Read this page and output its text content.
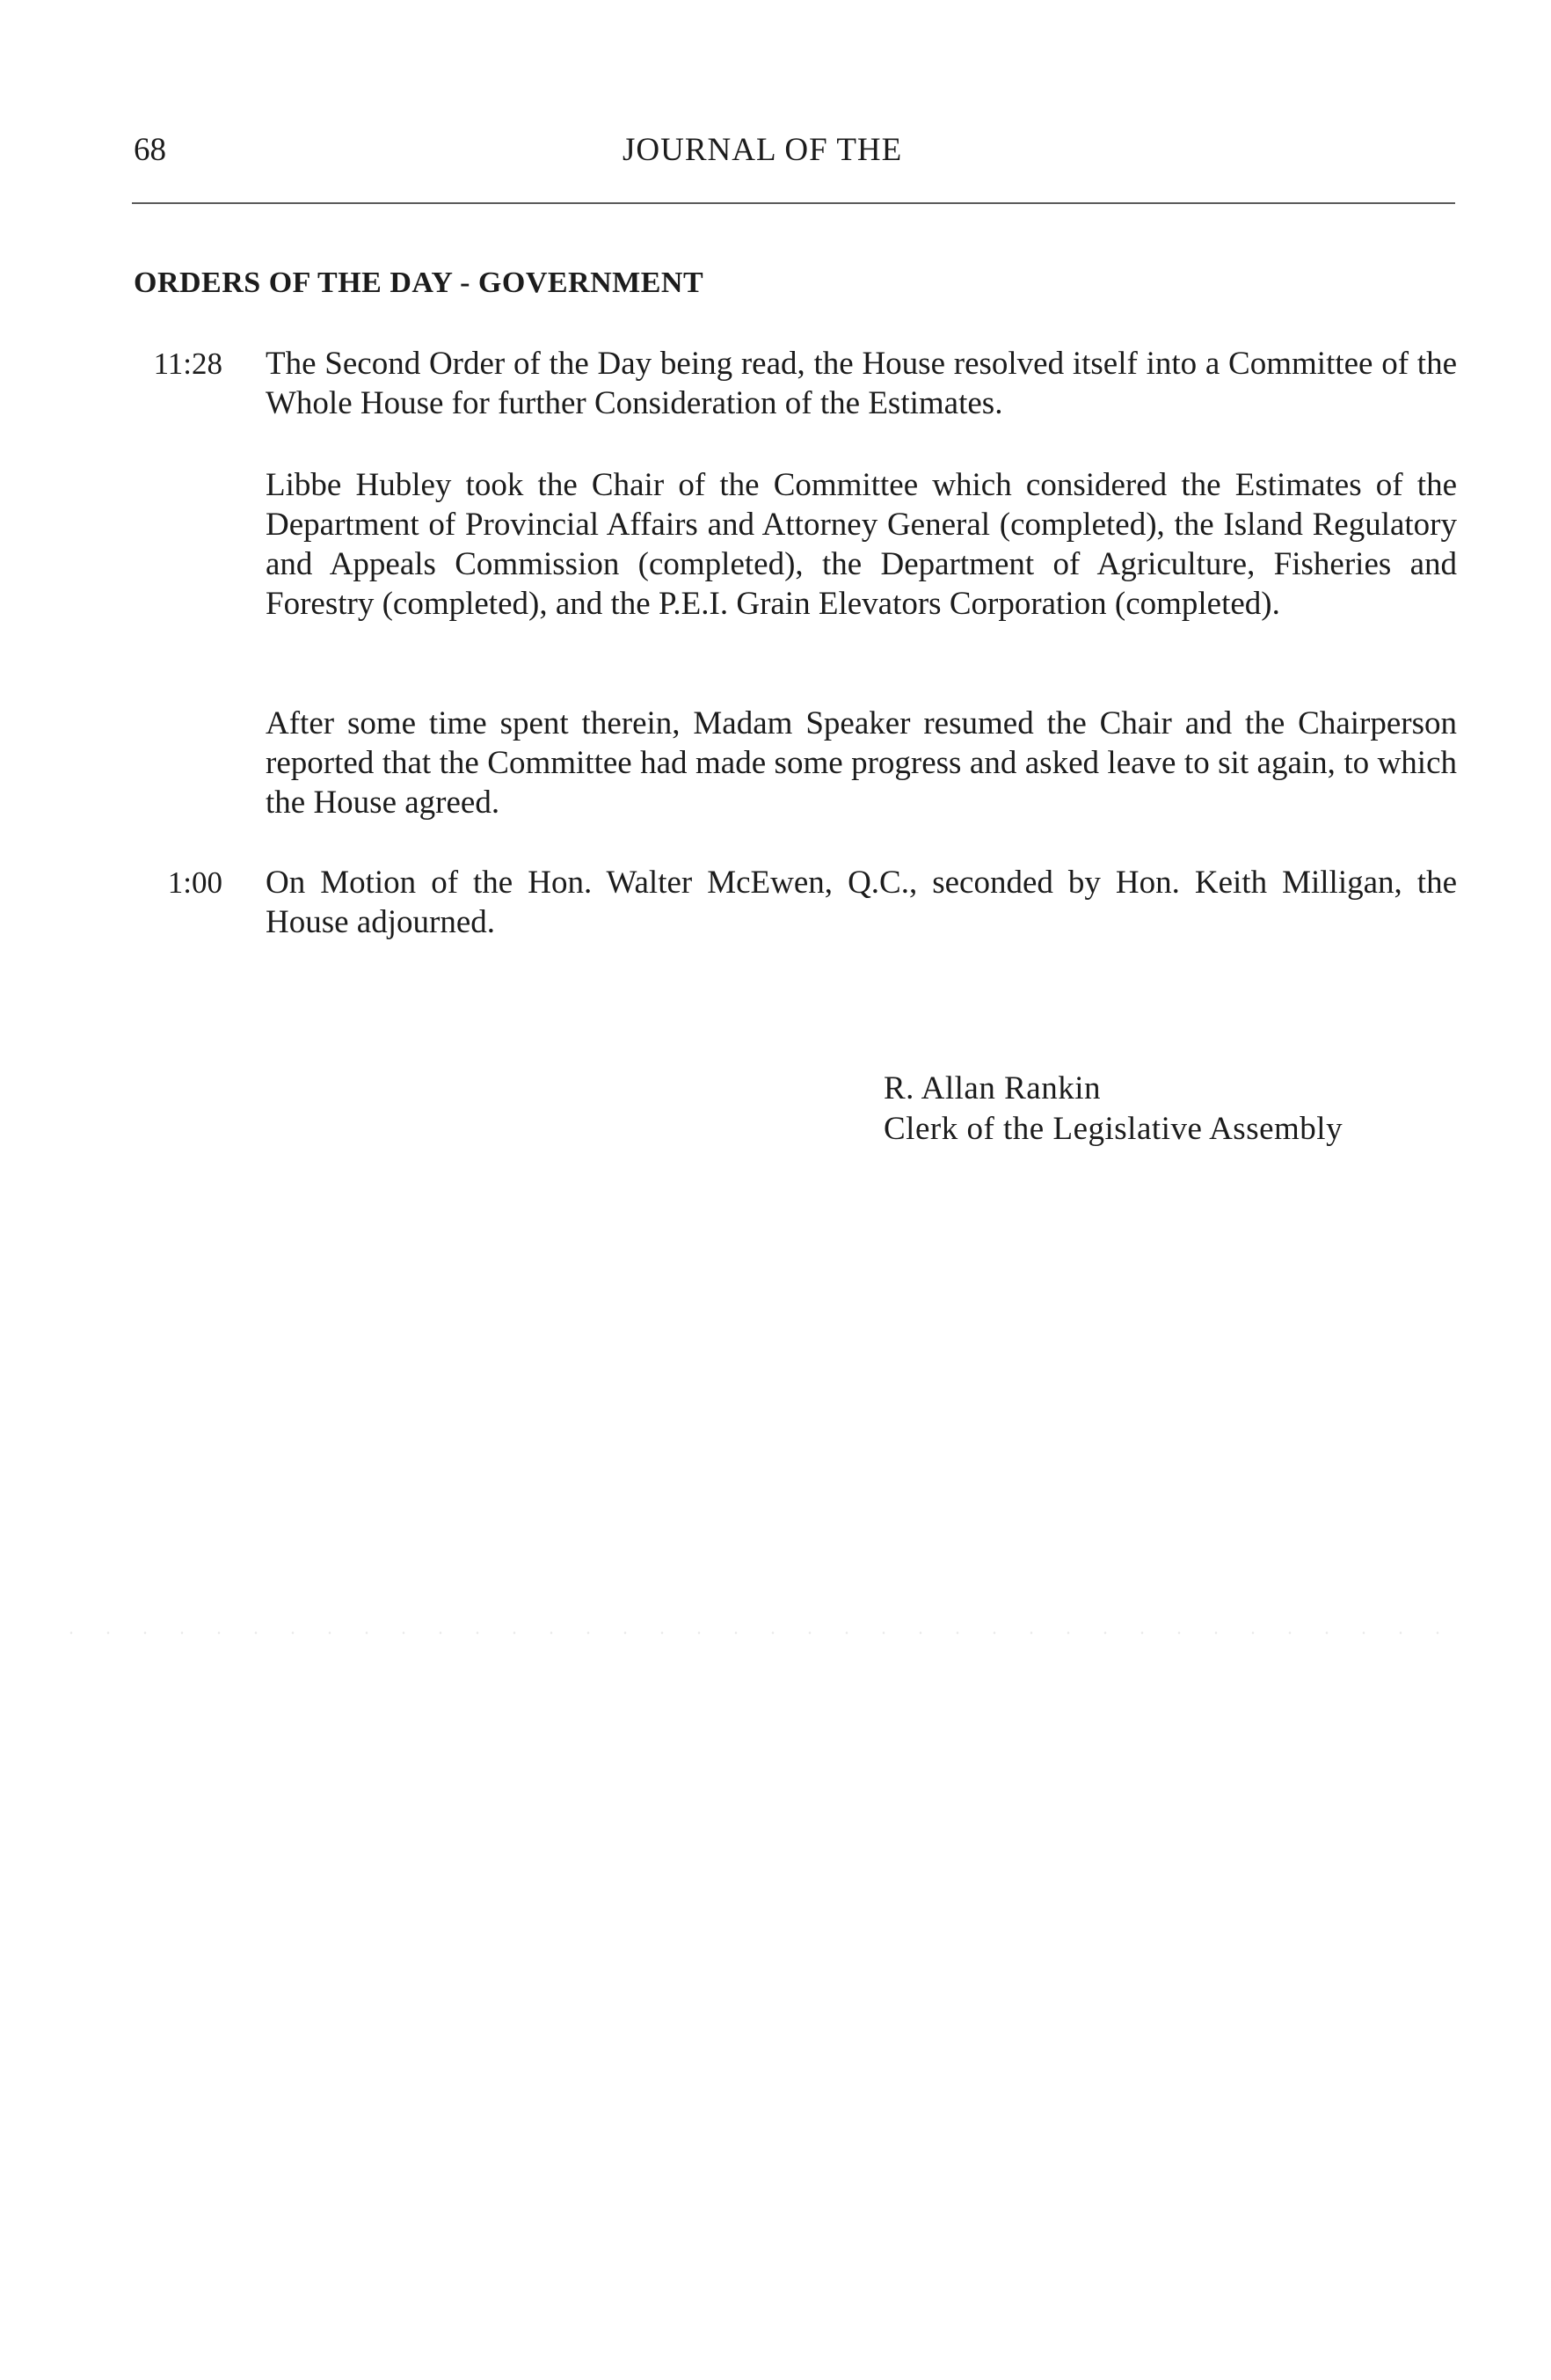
68	JOURNAL OF THE
ORDERS OF THE DAY - GOVERNMENT
11:28 The Second Order of the Day being read, the House resolved itself into a Committee of the Whole House for further Consideration of the Estimates.

Libbe Hubley took the Chair of the Committee which considered the Estimates of the Department of Provincial Affairs and Attorney General (completed), the Island Regulatory and Appeals Commission (completed), the Department of Agriculture, Fisheries and Forestry (completed), and the P.E.I. Grain Elevators Corporation (completed).

After some time spent therein, Madam Speaker resumed the Chair and the Chairperson reported that the Committee had made some progress and asked leave to sit again, to which the House agreed.

1:00 On Motion of the Hon. Walter McEwen, Q.C., seconded by Hon. Keith Milligan, the House adjourned.

R. Allan Rankin
Clerk of the Legislative Assembly
